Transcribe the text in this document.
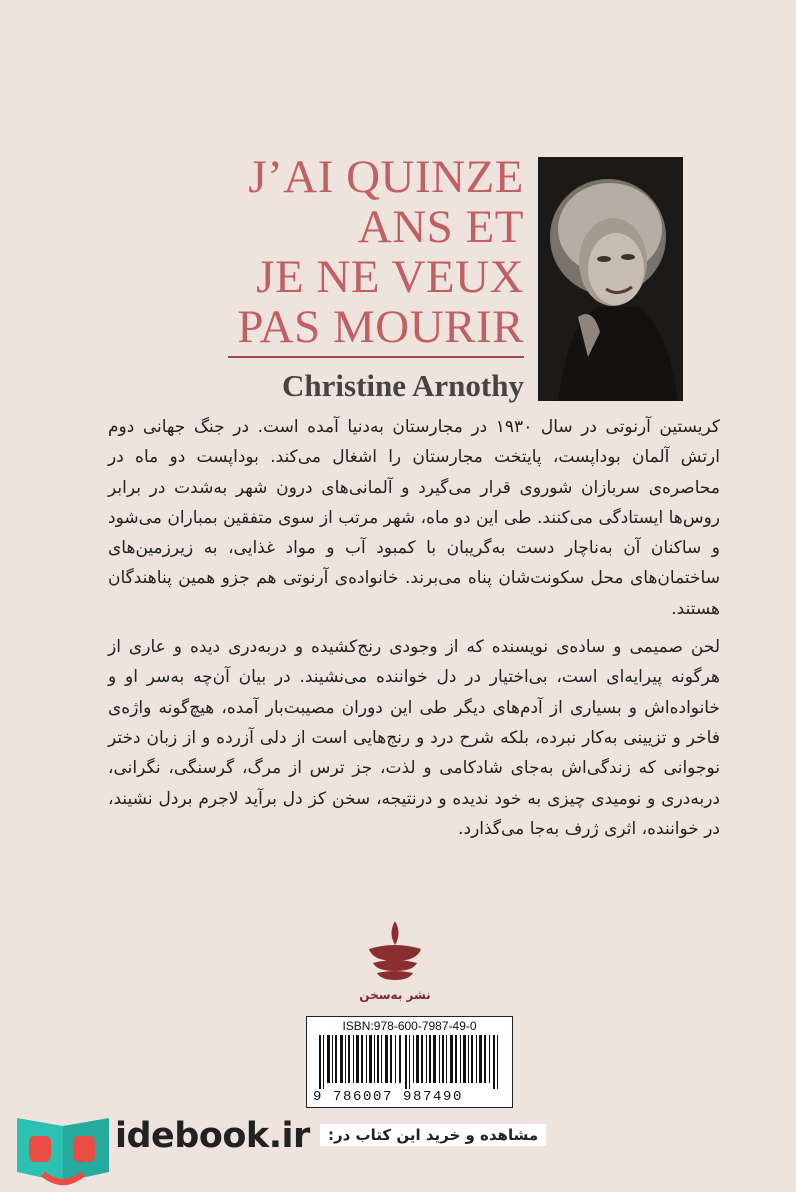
J’AI QUINZE
ANS ET
JE NE VEUX
PAS MOURIR
Christine Arnothy

کریستین آرنوتی در سال ۱۹۳۰ در مجارستان به‌دنیا آمده است. در جنگ جهانی دوم ارتش آلمان بوداپست، پایتخت مجارستان را اشغال می‌کند. بوداپست دو ماه در محاصره‌ی سربازان شوروی قرار می‌گیرد و آلمانی‌های درون شهر به‌شدت در برابر روس‌ها ایستادگی می‌کنند. طی این دو ماه، شهر مرتب از سوی متفقین بمباران می‌شود و ساکنان آن به‌ناچار دست به‌گریبان با کمبود آب و مواد غذایی، به زیرزمین‌های ساختمان‌های محل سکونت‌شان پناه می‌برند. خانواده‌ی آرنوتی هم جزو همین پناهندگان هستند.

لحن صمیمی و ساده‌ی نویسنده که از وجودی رنج‌کشیده و دربه‌دری دیده و عاری از هرگونه پیرایه‌ای است، بی‌اختیار در دل خواننده می‌نشیند. در بیان آن‌چه به‌سر او و خانواده‌اش و بسیاری از آدم‌های دیگر طی این دوران مصیبت‌بار آمده، هیچ‌گونه واژه‌ی فاخر و تزیینی به‌کار نبرده، بلکه شرح درد و رنج‌هایی است از دلی آزرده و از زبان دختر نوجوانی که زندگی‌اش به‌جای شادکامی و لذت، جز ترس از مرگ، گرسنگی، نگرانی، دربه‌دری و نومیدی چیزی به خود ندیده و درنتیجه، سخن کز دل برآید لاجرم بردل نشیند، در خواننده، اثری ژرف به‌جا می‌گذارد.

نشر به‌سخن
ISBN:978-600-7987-49-0
9 786007 987490
idebook.ir	مشاهده و خرید این کتاب در:
